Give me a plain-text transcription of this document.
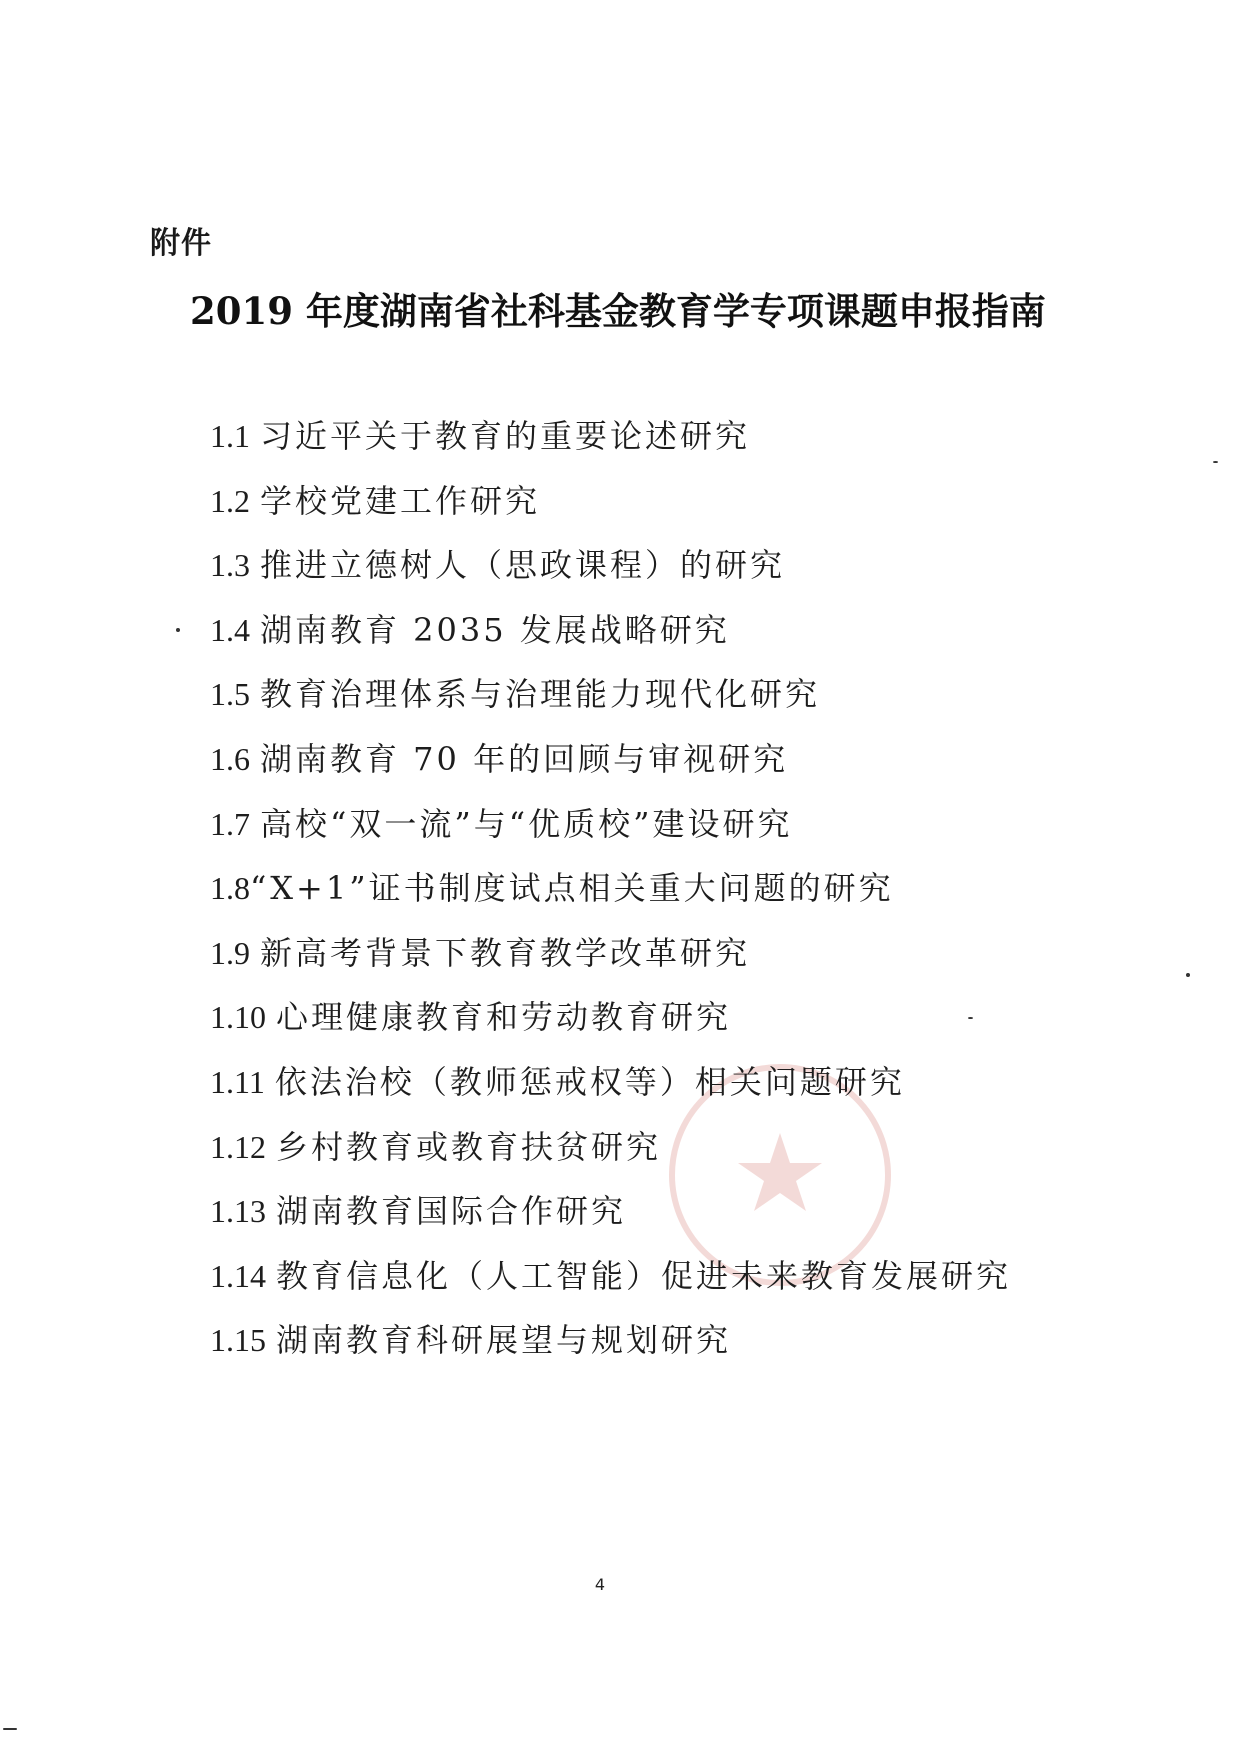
附件
2019 年度湖南省社科基金教育学专项课题申报指南
1.1 习近平关于教育的重要论述研究
1.2 学校党建工作研究
1.3 推进立德树人（思政课程）的研究
1.4 湖南教育 2035 发展战略研究
1.5 教育治理体系与治理能力现代化研究
1.6 湖南教育 70 年的回顾与审视研究
1.7 高校“双一流”与“优质校”建设研究
1.8“X+1”证书制度试点相关重大问题的研究
1.9 新高考背景下教育教学改革研究
1.10 心理健康教育和劳动教育研究
1.11 依法治校（教师惩戒权等）相关问题研究
1.12 乡村教育或教育扶贫研究
1.13 湖南教育国际合作研究
1.14 教育信息化（人工智能）促进未来教育发展研究
1.15 湖南教育科研展望与规划研究
4
